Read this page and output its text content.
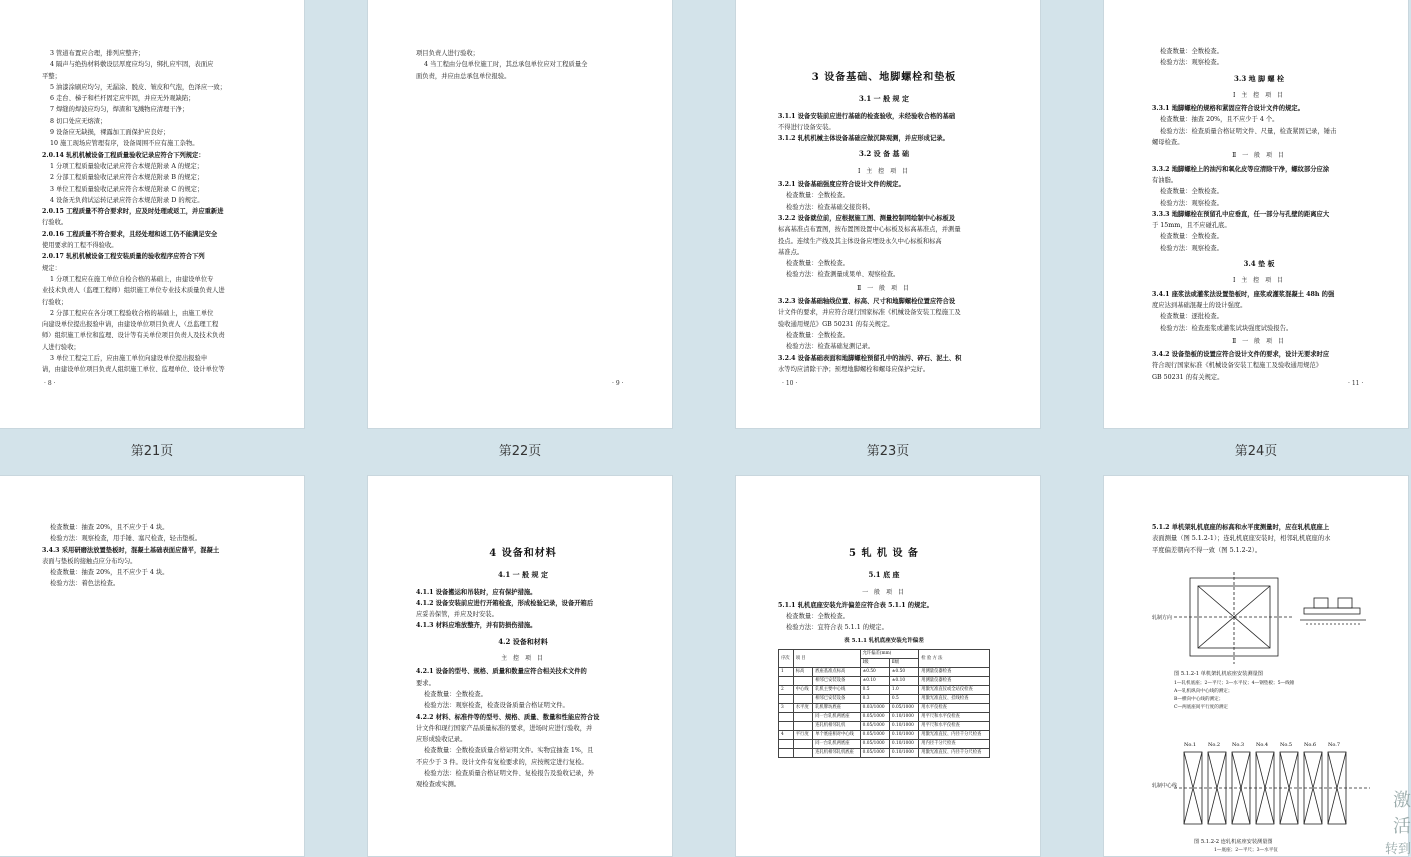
3 管道布置应合理，排列应整齐；
4 隔声与绝热材料敷设层厚度应均匀，绑扎应牢固，表面应
平整；
5 油漆涂刷应均匀，无漏涂、脱皮、皱皮和气泡，色泽应一致；
6 走台、梯子和栏杆固定应牢固，并应无外观缺陷；
7 焊缝的焊波应均匀，焊渣和飞溅物应清理干净；
8 切口处应无熔渣；
9 设备应无缺损，裸露加工面保护应良好；
10 施工现场应管理有序，设备周围不应有施工杂物。
2.0.14 轧机机械设备工程质量验收记录应符合下列规定：
1 分项工程质量验收记录应符合本规范附录 A 的规定；
2 分部工程质量验收记录应符合本规范附录 B 的规定；
3 单位工程质量验收记录应符合本规范附录 C 的规定；
4 设备无负荷试运转记录应符合本规范附录 D 的规定。
2.0.15 工程质量不符合要求时，应及时处理或返工，并应重新进
行验收。
2.0.16 工程质量不符合要求，且经处理和返工仍不能满足安全
使用要求的工程不得验收。
2.0.17 轧机机械设备工程安装质量的验收程序应符合下列
规定：
1 分项工程应在施工单位自检合格的基础上，由建设单位专
业技术负责人（监理工程师）组织施工单位专业技术质量负责人进
行验收；
2 分部工程应在各分项工程验收合格的基础上，由施工单位
向建设单位提出报验申请，由建设单位项目负责人（总监理工程
师）组织施工单位和监理、设计等有关单位项目负责人及技术负责
人进行验收；
3 单位工程完工后，应由施工单位向建设单位提出报验申
请，由建设单位项目负责人组织施工单位、监理单位、设计单位等
· 8 ·
第21页
项目负责人进行验收；
4 当工程由分包单位施工时，其总承包单位应对工程质量全
面负责，并应由总承包单位报验。
· 9 ·
第22页
3 设备基础、地脚螺栓和垫板
3.1 一 般 规 定
3.1.1 设备安装前应进行基础的检查验收，未经验收合格的基础
不得进行设备安装。
3.1.2 轧机机械主体设备基础应做沉降观测，并应形成记录。
3.2 设 备 基 础
Ⅰ 主 控 项 目
3.2.1 设备基础强度应符合设计文件的规定。
检查数量：全数检查。
检验方法：检查基础交接资料。
3.2.2 设备就位前，应根据施工图、测量控制网绘制中心标板及
标高基准点布置图，按布置图设置中心标板及标高基准点，并测量
投点。连续生产线及其主体设备应埋设永久中心标板和标高
基准点。
检查数量：全数检查。
检验方法：检查测量成果单、观察检查。
Ⅱ 一 般 项 目
3.2.3 设备基础轴线位置、标高、尺寸和地脚螺栓位置应符合设
计文件的要求，并应符合现行国家标准《机械设备安装工程施工及
验收通用规范》GB 50231 的有关规定。
检查数量：全数检查。
检验方法：检查基础复测记录。
3.2.4 设备基础表面和地脚螺栓预留孔中的油污、碎石、泥土、积
水等均应清除干净；预埋地脚螺栓和螺母应保护完好。
· 10 ·
第23页
检查数量：全数检查。
检验方法：观察检查。
3.3 地 脚 螺 栓
Ⅰ 主 控 项 目
3.3.1 地脚螺栓的规格和紧固应符合设计文件的规定。
检查数量：抽查 20%，且不应少于 4 个。
检验方法：检查质量合格证明文件、尺量，检查紧固记录，锤击
螺母检查。
Ⅱ 一 般 项 目
3.3.2 地脚螺栓上的油污和氧化皮等应清除干净，螺纹部分应涂
有油脂。
检查数量：全数检查。
检验方法：观察检查。
3.3.3 地脚螺栓在预留孔中应垂直，任一部分与孔壁的距离应大
于 15mm，且不应碰孔底。
检查数量：全数检查。
检验方法：观察检查。
3.4 垫 板
Ⅰ 主 控 项 目
3.4.1 座浆法或灌浆法设置垫板时，座浆或灌浆混凝土 48h 的强
度应达到基础混凝土的设计强度。
检查数量：逐批检查。
检验方法：检查座浆或灌浆试块强度试验报告。
Ⅱ 一 般 项 目
3.4.2 设备垫板的设置应符合设计文件的要求，设计无要求时应
符合现行国家标准《机械设备安装工程施工及验收通用规范》
GB 50231 的有关规定。
· 11 ·
第24页
检查数量：抽查 20%，且不应少于 4 块。
检验方法：观察检查，用手锤、塞尺检查，轻击垫板。
3.4.3 采用研磨法放置垫板时，混凝土基础表面应凿平，混凝土
表面与垫板的接触点应分布均匀。
检查数量：抽查 20%，且不应少于 4 块。
检验方法：着色法检查。
4 设备和材料
4.1 一 般 规 定
4.1.1 设备搬运和吊装时，应有保护措施。
4.1.2 设备安装前应进行开箱检查，形成检验记录，设备开箱后
应妥善保管，并应及时安装。
4.1.3 材料应堆放整齐，并有防损伤措施。
4.2 设备和材料
主 控 项 目
4.2.1 设备的型号、规格、质量和数量应符合相关技术文件的
要求。
检查数量：全数检查。
检验方法：观察检查，检查设备质量合格证明文件。
4.2.2 材料、标准件等的型号、规格、质量、数量和性能应符合设
计文件和现行国家产品质量标准的要求，进场时应进行验收，并
应形成验收记录。
检查数量：全数检查质量合格证明文件。实物宜抽查 1%，且
不应少于 3 件。设计文件有复检要求的，应按规定进行复检。
检验方法：检查质量合格证明文件、复检报告及验收记录，外
观检查或实测。
5 轧 机 设 备
5.1 底 座
一 般 项 目
5.1.1 轧机底座安装允许偏差应符合表 5.1.1 的规定。
检查数量：全数检查。
检验方法：宜符合表 5.1.1 的规定。
表 5.1.1 轧机底座安装允许偏差
序次	项 目		允许偏差(mm)		检 验 方 法
			Ⅰ级	Ⅱ级	
1	标高	底座基准点标高	±0.50	±0.50	用测量仪器检查
		相邻已安装设备	±0.10	±0.10	用测量仪器检查
2	中心线	轧机主要中心线	0.5	1.0	用激光准直仪或全站仪检查
		相邻已安装设备	0.3	0.5	用激光准直仪、挂线检查
3	水平度	轧机牌坊底座	0.03/1000	0.05/1000	用水平仪检查
		同一台轧机两底座	0.05/1000	0.10/1000	用平尺和水平仪检查
		连轧机相邻轧机	0.05/1000	0.10/1000	用平尺和水平仪检查
4	平行度	单个底座相对中心线	0.05/1000	0.10/1000	用激光准直仪、内径千分尺检查
		同一台轧机两底座	0.05/1000	0.10/1000	用内径千分尺检查
		连轧机相邻轧机底座	0.05/1000	0.10/1000	用激光准直仪、内径千分尺检查
5.1.2 单机架轧机底座的标高和水平度测量时，应在轧机底座上
表面测量（图 5.1.2-1）；连轧机底座安装时，相邻轧机底座的水
平度偏差朝向不得一致（图 5.1.2-2）。
轧制方向
图 5.1.2-1 单机架轧机底座安装测量图
1—轧机底座；2—平尺；3—水平仪；4—钢垫板；5—线锤
A—轧机纵向中心线的测定；
B—横向中心线的测定；
C—两底座间平行度的测定
No.1 No.2 No.3 No.4 No.5 No.6 No.7
轧制中心线
图 5.1.2-2 连轧机底座安装测量图
1—底座；2—平尺；3—水平仪
激活
转到
